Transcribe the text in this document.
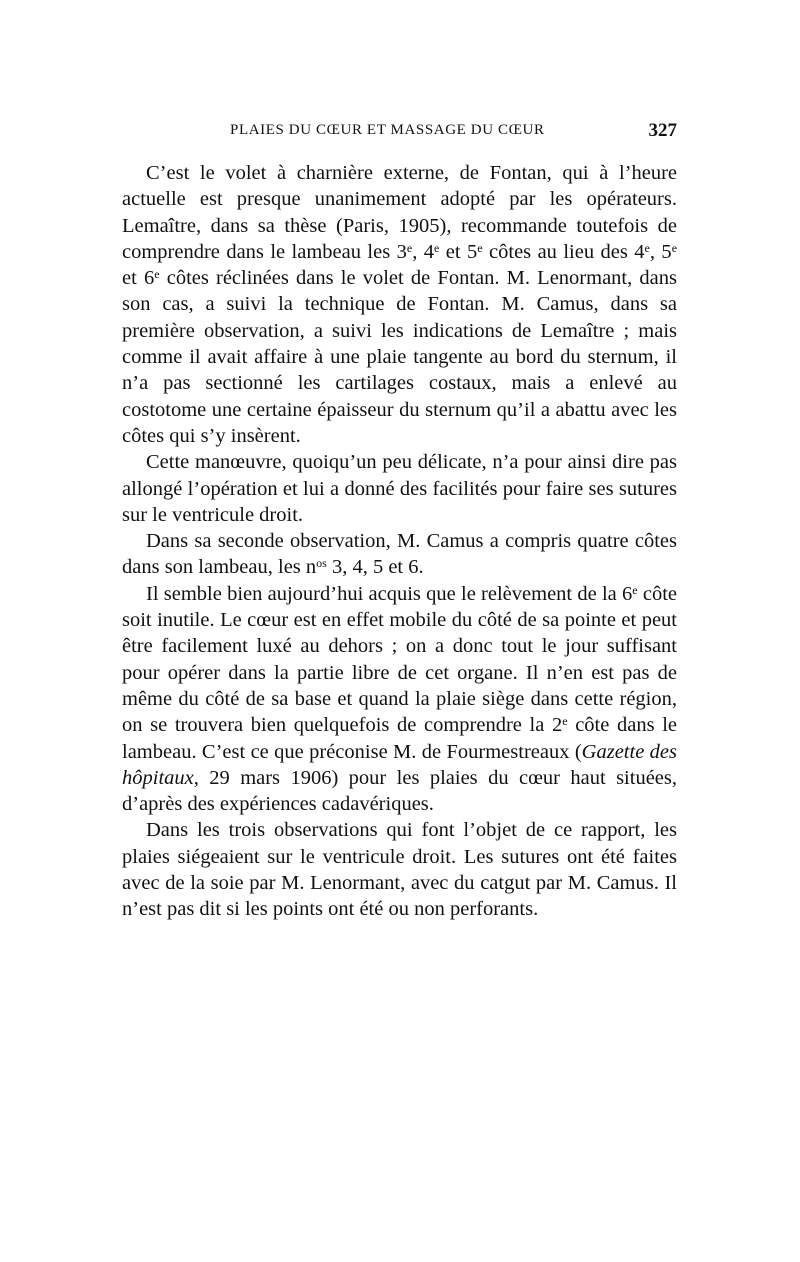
PLAIES DU CŒUR ET MASSAGE DU CŒUR	327

C’est le volet à charnière externe, de Fontan, qui à l’heure actuelle est presque unanimement adopté par les opérateurs. Lemaître, dans sa thèse (Paris, 1905), recommande toutefois de comprendre dans le lambeau les 3e, 4e et 5e côtes au lieu des 4e, 5e et 6e côtes réclinées dans le volet de Fontan. M. Lenormant, dans son cas, a suivi la technique de Fontan. M. Camus, dans sa première observation, a suivi les indications de Lemaître ; mais comme il avait affaire à une plaie tangente au bord du sternum, il n’a pas sectionné les cartilages costaux, mais a enlevé au costotome une certaine épaisseur du sternum qu’il a abattu avec les côtes qui s’y insèrent.

Cette manœuvre, quoiqu’un peu délicate, n’a pour ainsi dire pas allongé l’opération et lui a donné des facilités pour faire ses sutures sur le ventricule droit.

Dans sa seconde observation, M. Camus a compris quatre côtes dans son lambeau, les $n^{os}$ 3, 4, 5 et 6.

Il semble bien aujourd’hui acquis que le relèvement de la 6e côte soit inutile. Le cœur est en effet mobile du côté de sa pointe et peut être facilement luxé au dehors ; on a donc tout le jour suffisant pour opérer dans la partie libre de cet organe. Il n’en est pas de même du côté de sa base et quand la plaie siège dans cette région, on se trouvera bien quelquefois de comprendre la 2e côte dans le lambeau. C’est ce que préconise M. de Fourmestreaux (Gazette des hôpitaux, 29 mars 1906) pour les plaies du cœur haut situées, d’après des expériences cadavériques.

Dans les trois observations qui font l’objet de ce rapport, les plaies siégeaient sur le ventricule droit. Les sutures ont été faites avec de la soie par M. Lenormant, avec du catgut par M. Camus. Il n’est pas dit si les points ont été ou non perforants.
